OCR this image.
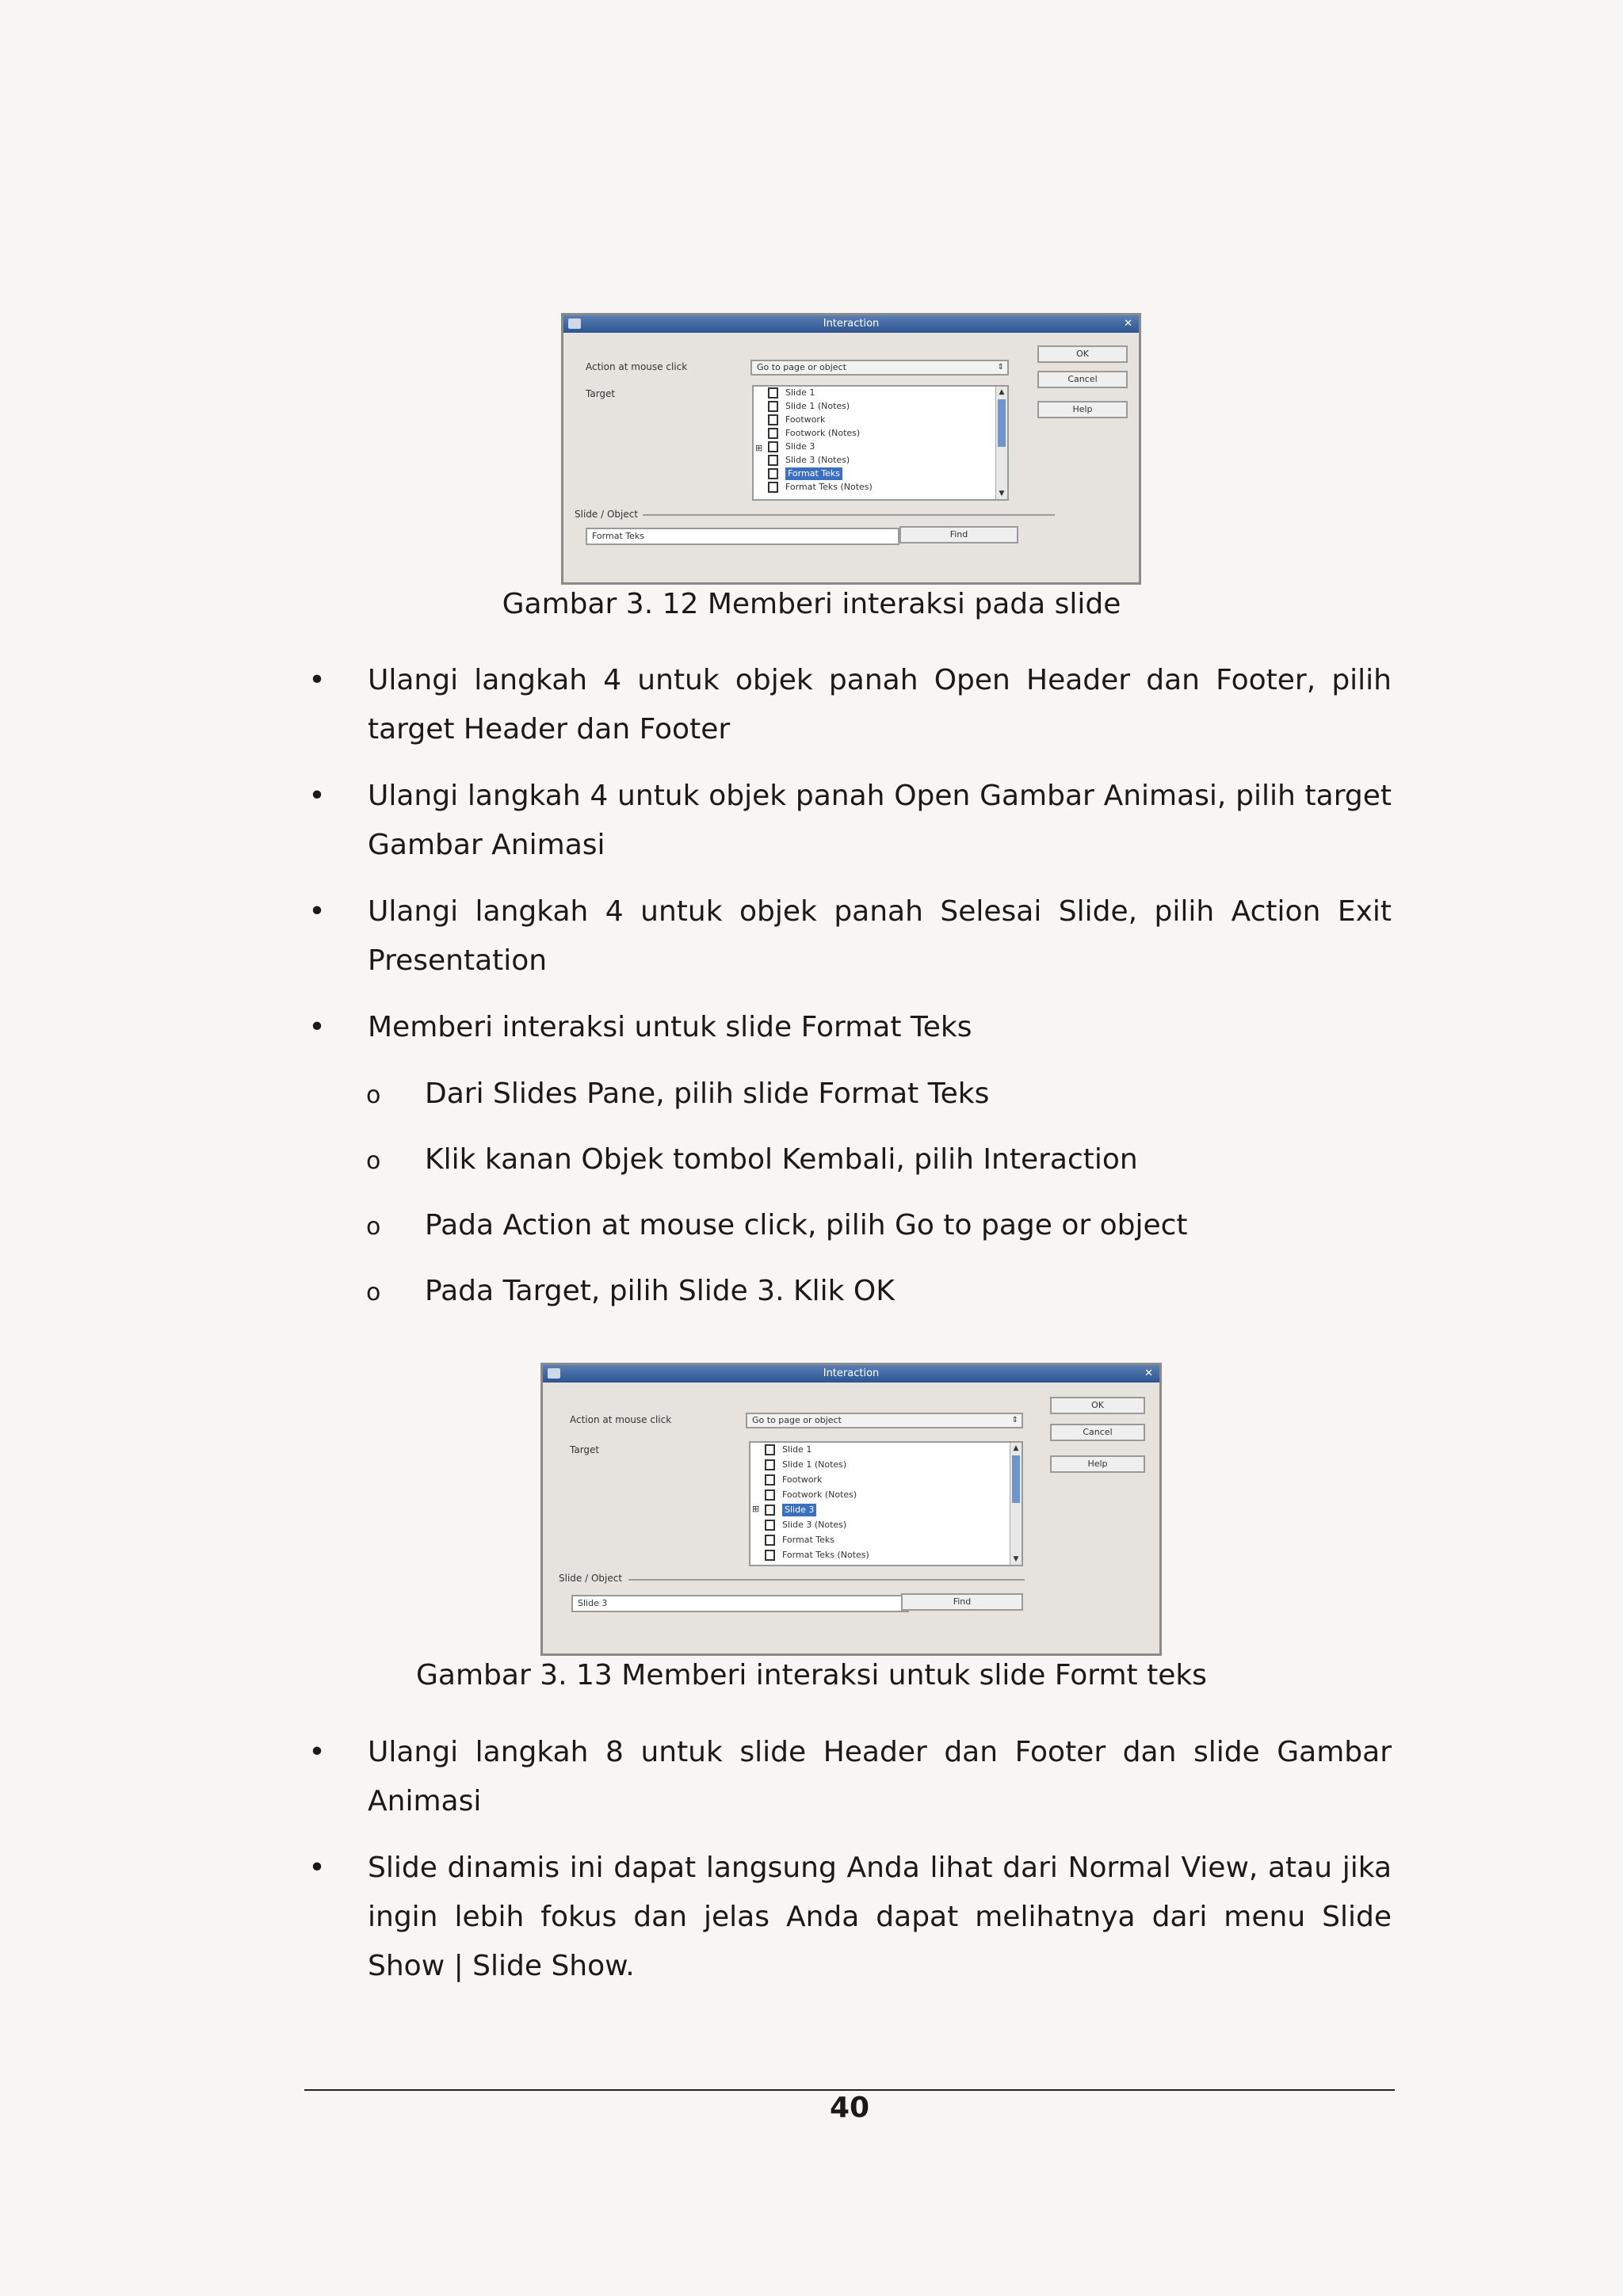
Interaction	✕
Action at mouse click	Go to page or object	⇕
Target
⊞
Slide 1
Slide 1 (Notes)
Footwork
Footwork (Notes)
Slide 3
Slide 3 (Notes)
Format Teks
Format Teks (Notes)
▲
▼
Slide / Object
Format Teks	Find
OK
Cancel
Help
Gambar 3. 12 Memberi interaksi pada slide
• Ulangi langkah 4 untuk objek panah Open Header dan Footer, pilih target Header dan Footer
• Ulangi langkah 4 untuk objek panah Open Gambar Animasi, pilih target Gambar Animasi
• Ulangi langkah 4 untuk objek panah Selesai Slide, pilih Action Exit Presentation
• Memberi interaksi untuk slide Format Teks
o Dari Slides Pane, pilih slide Format Teks
o Klik kanan Objek tombol Kembali, pilih Interaction
o Pada Action at mouse click, pilih Go to page or object
o Pada Target, pilih Slide 3. Klik OK
Interaction	✕
Action at mouse click	Go to page or object	⇕
Target
⊞
Slide 1
Slide 1 (Notes)
Footwork
Footwork (Notes)
Slide 3
Slide 3 (Notes)
Format Teks
Format Teks (Notes)
▲
▼
Slide / Object
Slide 3	Find
OK
Cancel
Help
Gambar 3. 13 Memberi interaksi untuk slide Formt teks
• Ulangi langkah 8 untuk slide Header dan Footer dan slide Gambar Animasi
• Slide dinamis ini dapat langsung Anda lihat dari Normal View, atau jika ingin lebih fokus dan jelas Anda dapat melihatnya dari menu Slide Show | Slide Show.
40
